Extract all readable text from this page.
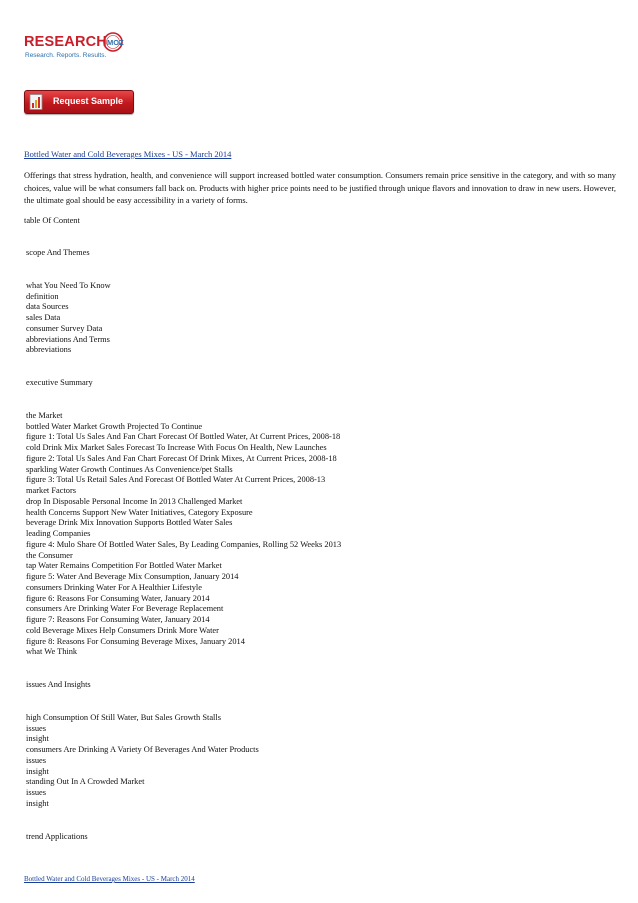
RESEARCH MOZ
Research. Reports. Results.
Request Sample
Bottled Water and Cold Beverages Mixes - US - March 2014

Offerings that stress hydration, health, and convenience will support increased bottled water consumption. Consumers remain price sensitive in the category, and with so many choices, value will be what consumers fall back on. Products with higher price points need to be justified through unique flavors and innovation to draw in new users. However, the ultimate goal should be easy accessibility in a variety of forms.

table Of Content
scope And Themes
what You Need To Know
definition
data Sources
sales Data
consumer Survey Data
abbreviations And Terms
abbreviations
executive Summary
the Market
bottled Water Market Growth Projected To Continue
figure 1: Total Us Sales And Fan Chart Forecast Of Bottled Water, At Current Prices, 2008-18
cold Drink Mix Market Sales Forecast To Increase With Focus On Health, New Launches
figure 2: Total Us Sales And Fan Chart Forecast Of Drink Mixes, At Current Prices, 2008-18
sparkling Water Growth Continues As Convenience/pet Stalls
figure 3: Total Us Retail Sales And Forecast Of Bottled Water At Current Prices, 2008-13
market Factors
drop In Disposable Personal Income In 2013 Challenged Market
health Concerns Support New Water Initiatives, Category Exposure
beverage Drink Mix Innovation Supports Bottled Water Sales
leading Companies
figure 4: Mulo Share Of Bottled Water Sales, By Leading Companies, Rolling 52 Weeks 2013
the Consumer
tap Water Remains Competition For Bottled Water Market
figure 5: Water And Beverage Mix Consumption, January 2014
consumers Drinking Water For A Healthier Lifestyle
figure 6: Reasons For Consuming Water, January 2014
consumers Are Drinking Water For Beverage Replacement
figure 7: Reasons For Consuming Water, January 2014
cold Beverage Mixes Help Consumers Drink More Water
figure 8: Reasons For Consuming Beverage Mixes, January 2014
what We Think
issues And Insights
high Consumption Of Still Water, But Sales Growth Stalls
issues
insight
consumers Are Drinking A Variety Of Beverages And Water Products
issues
insight
standing Out In A Crowded Market
issues
insight
trend Applications
Bottled Water and Cold Beverages Mixes - US - March 2014
